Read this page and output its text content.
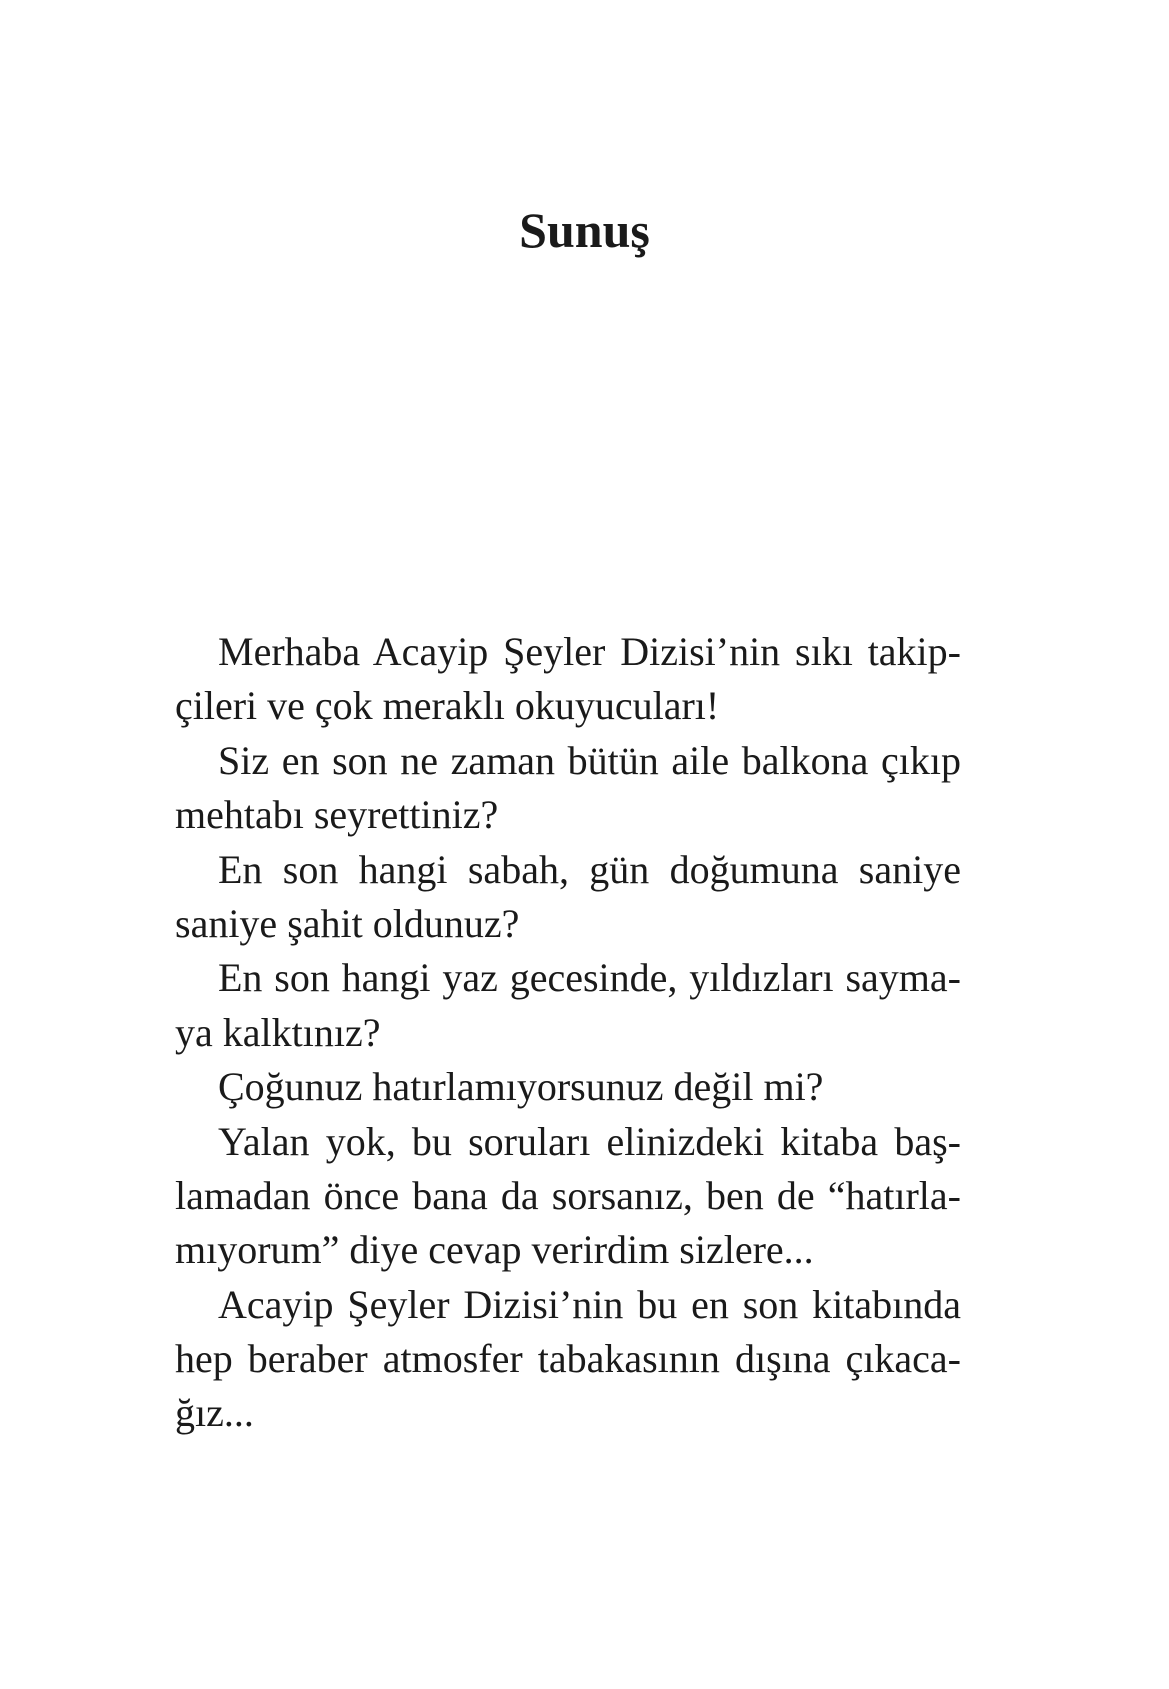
Sunuş
Merhaba Acayip Şeyler Dizisi’nin sıkı takip-
çileri ve çok meraklı okuyucuları!
Siz en son ne zaman bütün aile balkona çıkıp
mehtabı seyrettiniz?
En son hangi sabah, gün doğumuna saniye
saniye şahit oldunuz?
En son hangi yaz gecesinde, yıldızları sayma-
ya kalktınız?
Çoğunuz hatırlamıyorsunuz değil mi?
Yalan yok, bu soruları elinizdeki kitaba baş-
lamadan önce bana da sorsanız, ben de “hatırla-
mıyorum” diye cevap verirdim sizlere...
Acayip Şeyler Dizisi’nin bu en son kitabında
hep beraber atmosfer tabakasının dışına çıkaca-
ğız...
